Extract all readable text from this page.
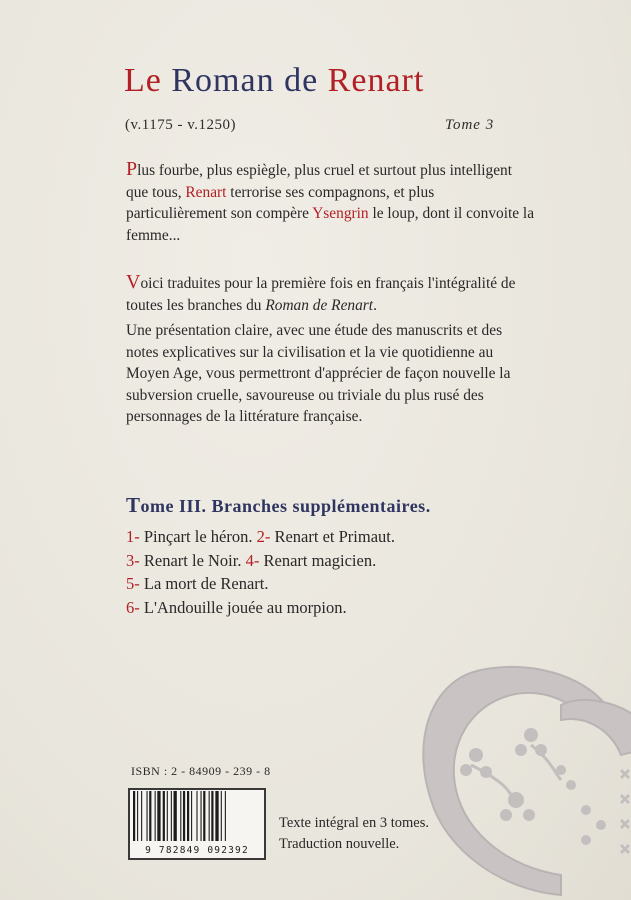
Le Roman de Renart
(v.1175 - v.1250)	Tome 3
Plus fourbe, plus espiègle, plus cruel et surtout plus intelligent que tous, Renart terrorise ses compagnons, et plus particulièrement son compère Ysengrin le loup, dont il convoite la femme...
Voici traduites pour la première fois en français l'intégralité de toutes les branches du Roman de Renart.
Une présentation claire, avec une étude des manuscrits et des notes explicatives sur la civilisation et la vie quotidienne au Moyen Age, vous permettront d'apprécier de façon nouvelle la subversion cruelle, savoureuse ou triviale du plus rusé des personnages de la littérature française.
Tome III. Branches supplémentaires.
1- Pinçart le héron. 2- Renart et Primaut.
3- Renart le Noir. 4- Renart magicien.
5- La mort de Renart.
6- L'Andouille jouée au morpion.
ISBN : 2 - 84909 - 239 - 8
9 782849 092392
Texte intégral en 3 tomes.
Traduction nouvelle.
